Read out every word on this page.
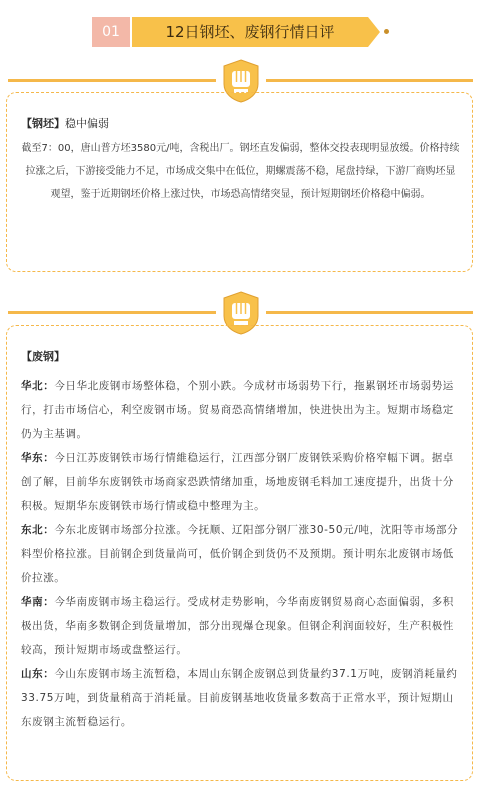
01	12日钢坯、废钢行情日评
【钢坯】稳中偏弱
截至7：00，唐山普方坯3580元/吨，含税出厂。钢坯直发偏弱，整体交投表现明显放缓。价格持续拉涨之后，下游接受能力不足，市场成交集中在低位，期螺震荡不稳，尾盘持绿，下游厂商购坯显观望，鉴于近期钢坯价格上涨过快，市场恐高情绪突显，预计短期钢坯价格稳中偏弱。
【废钢】

华北：今日华北废钢市场整体稳，个别小跌。今成材市场弱势下行，拖累钢坯市场弱势运行，打击市场信心，利空废钢市场。贸易商恐高情绪增加，快进快出为主。短期市场稳定仍为主基调。

华东：今日江苏废钢铁市场行情維稳运行，江西部分钢厂废钢铁采购价格窄幅下调。据卓创了解，目前华东废钢铁市场商家恐跌情绪加重，场地废钢毛料加工速度提升，出货十分积极。短期华东废钢铁市场行情或稳中整理为主。

东北：今东北废钢市场部分拉涨。今抚顺、辽阳部分钢厂涨30-50元/吨，沈阳等市场部分料型价格拉涨。目前钢企到货量尚可，低价钢企到货仍不及预期。预计明东北废钢市场低价拉涨。

华南：今华南废钢市场主稳运行。受成材走势影响，今华南废钢贸易商心态面偏弱，多积极出货，华南多数钢企到货量增加，部分出现爆仓现象。但钢企利润面较好，生产积极性较高，预计短期市场或盘整运行。

山东：今山东废钢市场主流暂稳，本周山东钢企废钢总到货量约37.1万吨，废钢消耗量约33.75万吨，到货量稍高于消耗量。目前废钢基地收货量多数高于正常水平，预计短期山东废钢主流暂稳运行。
